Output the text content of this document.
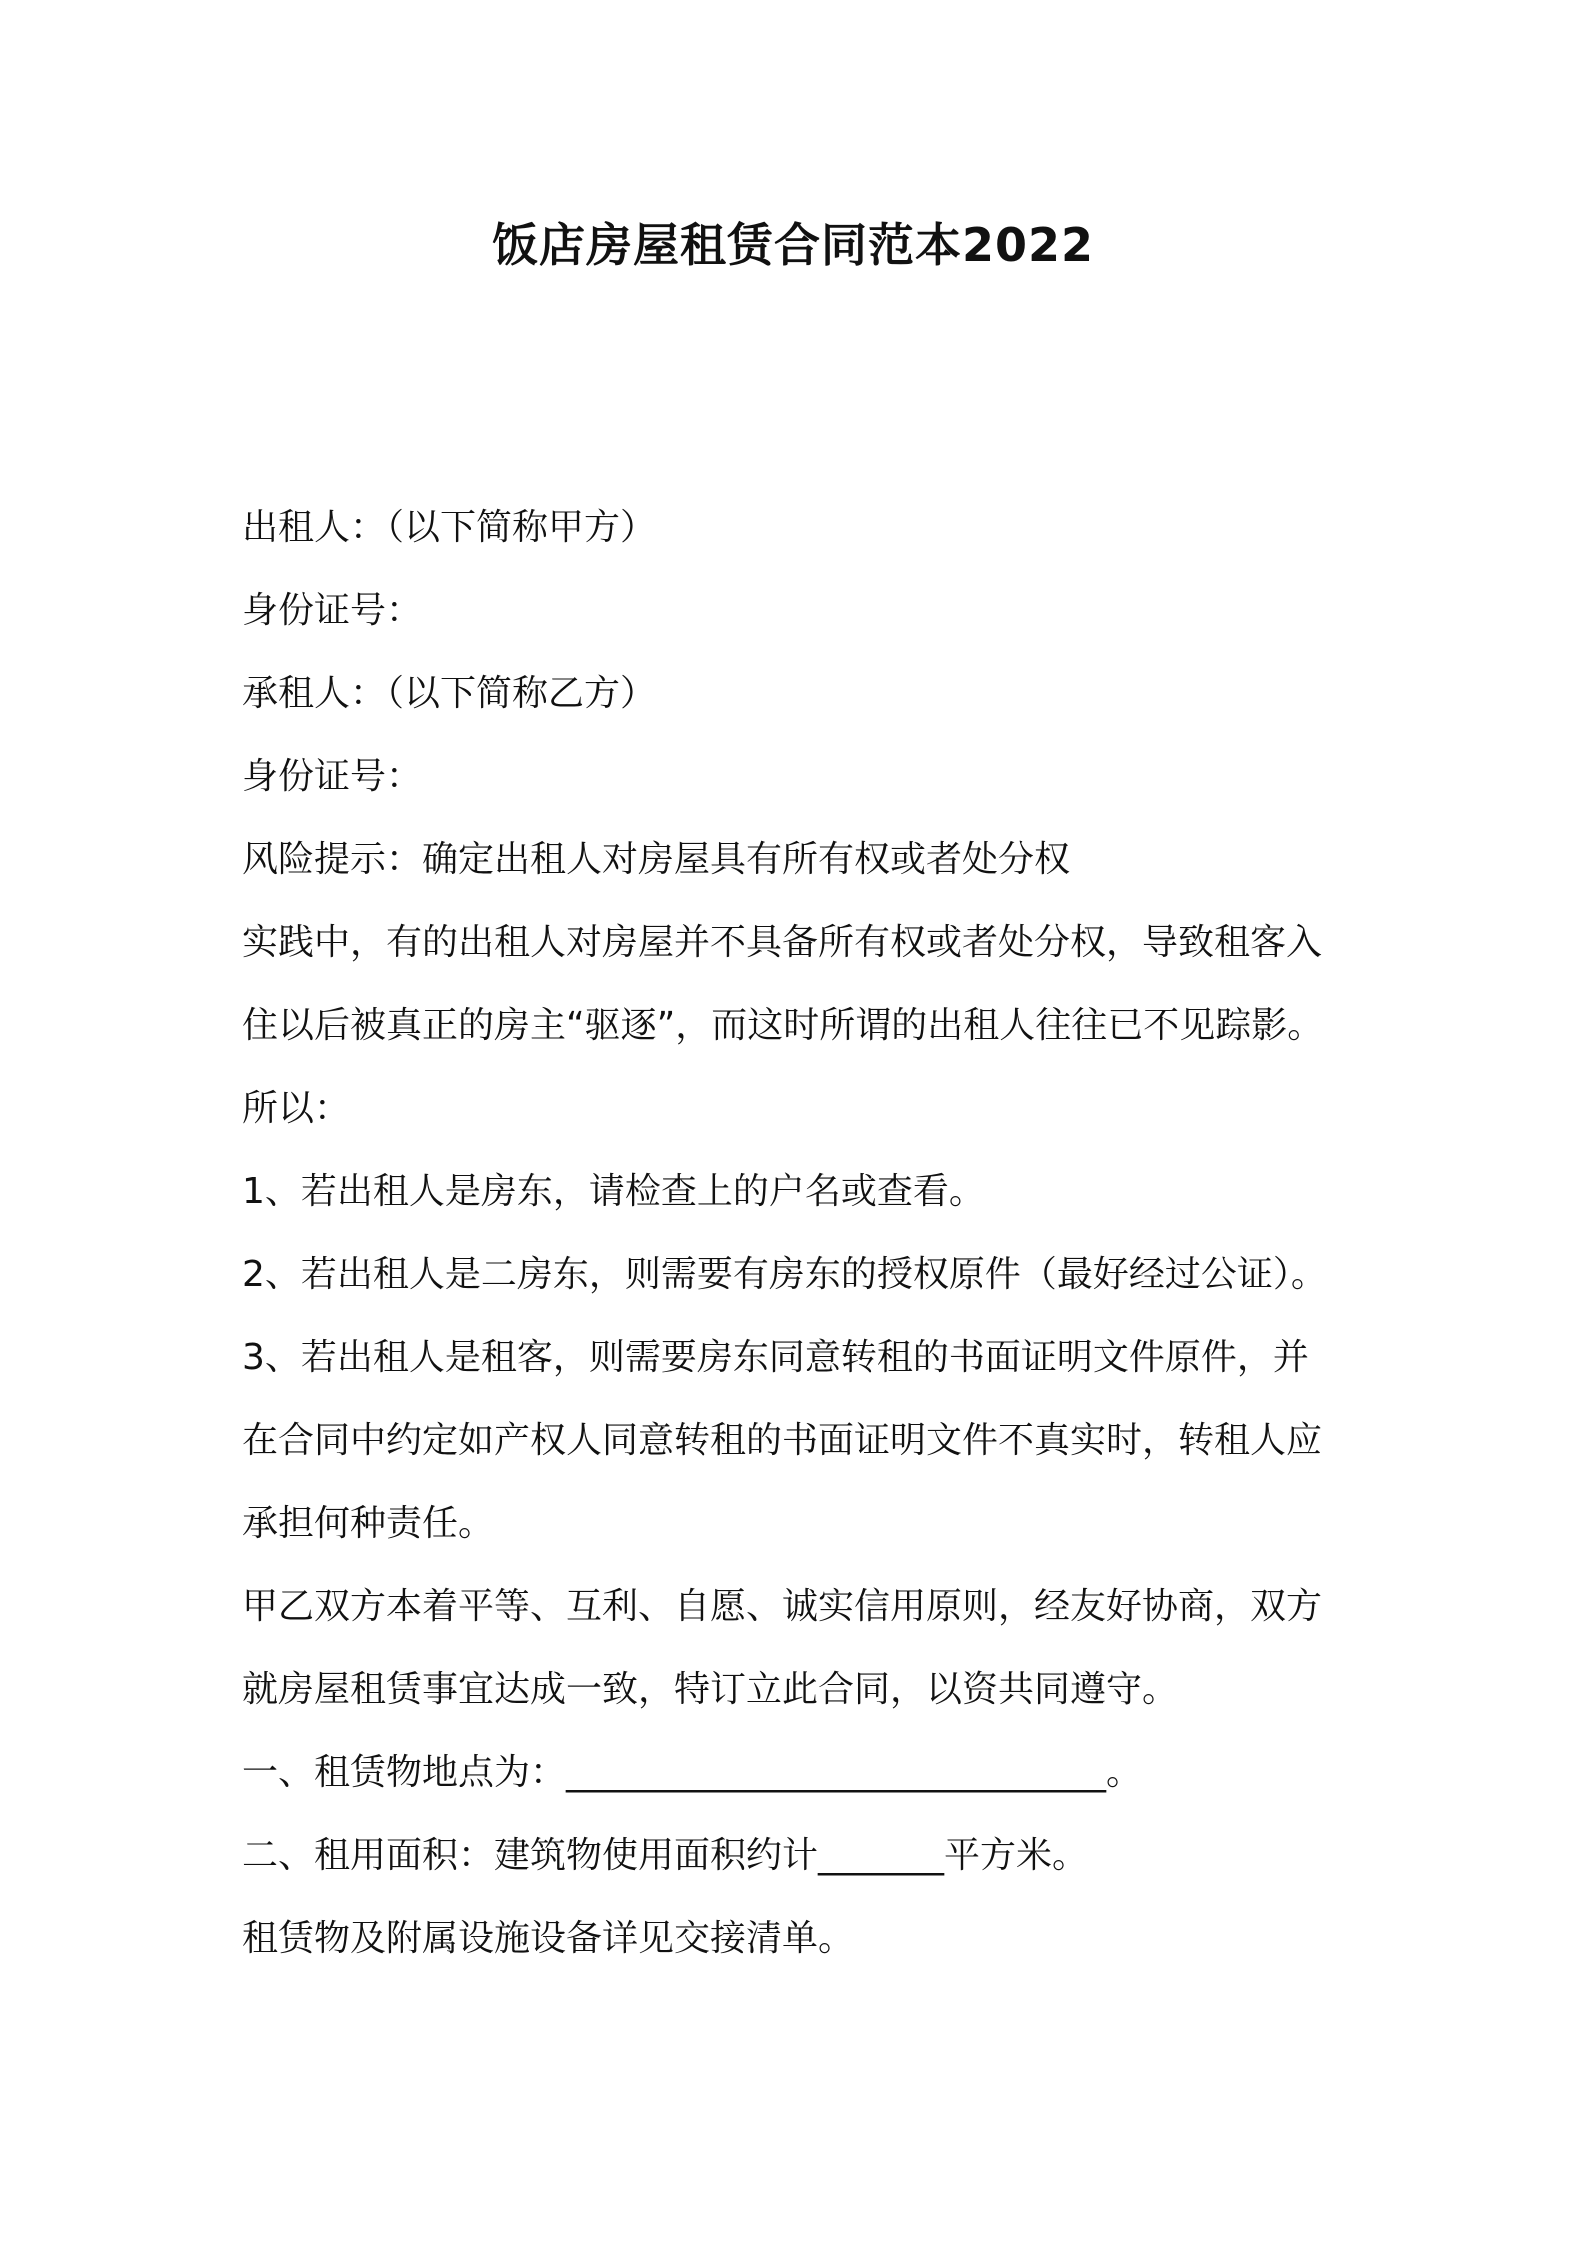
饭店房屋租赁合同范本2022

出租人：（以下简称甲方）

身份证号：

承租人：（以下简称乙方）

身份证号：

风险提示：确定出租人对房屋具有所有权或者处分权

实践中，有的出租人对房屋并不具备所有权或者处分权，导致租客入

住以后被真正的房主“驱逐”，而这时所谓的出租人往往已不见踪影。

所以：

1、若出租人是房东，请检查上的户名或查看。

2、若出租人是二房东，则需要有房东的授权原件（最好经过公证）。

3、若出租人是租客，则需要房东同意转租的书面证明文件原件，并

在合同中约定如产权人同意转租的书面证明文件不真实时，转租人应

承担何种责任。

甲乙双方本着平等、互利、自愿、诚实信用原则，经友好协商，双方

就房屋租赁事宜达成一致，特订立此合同，以资共同遵守。

一、租赁物地点为：______________________________。

二、租用面积：建筑物使用面积约计_______平方米。

租赁物及附属设施设备详见交接清单。
